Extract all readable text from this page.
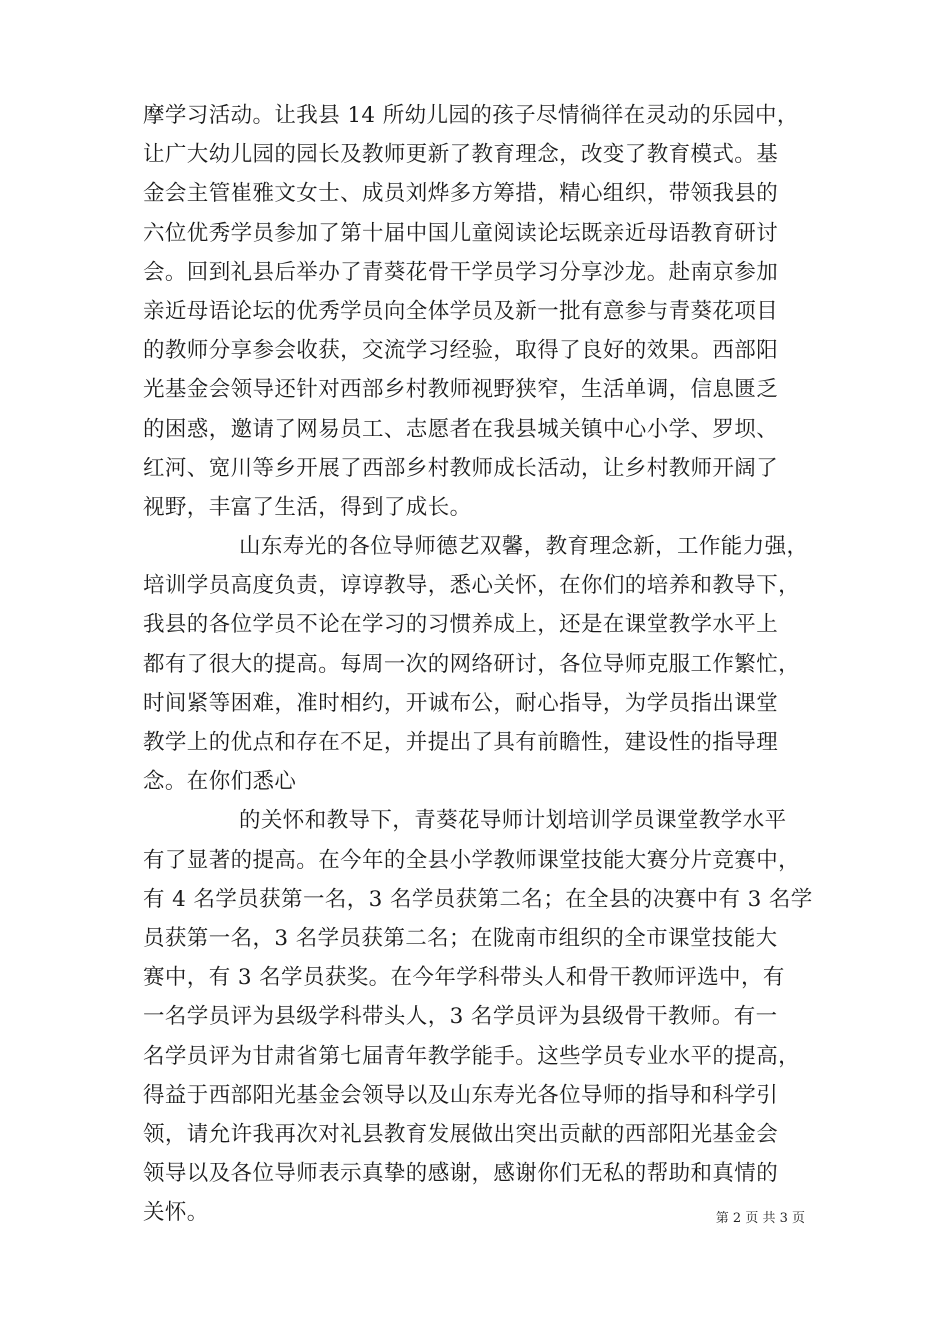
摩学习活动。让我县 14 所幼儿园的孩子尽情徜徉在灵动的乐园中，
让广大幼儿园的园长及教师更新了教育理念，改变了教育模式。基
金会主管崔雅文女士、成员刘烨多方筹措，精心组织，带领我县的
六位优秀学员参加了第十届中国儿童阅读论坛既亲近母语教育研讨
会。回到礼县后举办了青葵花骨干学员学习分享沙龙。赴南京参加
亲近母语论坛的优秀学员向全体学员及新一批有意参与青葵花项目
的教师分享参会收获，交流学习经验，取得了良好的效果。西部阳
光基金会领导还针对西部乡村教师视野狭窄，生活单调，信息匮乏
的困惑，邀请了网易员工、志愿者在我县城关镇中心小学、罗坝、
红河、宽川等乡开展了西部乡村教师成长活动，让乡村教师开阔了
视野，丰富了生活，得到了成长。
山东寿光的各位导师德艺双馨，教育理念新，工作能力强，
培训学员高度负责，谆谆教导，悉心关怀，在你们的培养和教导下，
我县的各位学员不论在学习的习惯养成上，还是在课堂教学水平上
都有了很大的提高。每周一次的网络研讨，各位导师克服工作繁忙，
时间紧等困难，准时相约，开诚布公，耐心指导，为学员指出课堂
教学上的优点和存在不足，并提出了具有前瞻性，建设性的指导理
念。在你们悉心
的关怀和教导下，青葵花导师计划培训学员课堂教学水平
有了显著的提高。在今年的全县小学教师课堂技能大赛分片竞赛中，
有 4 名学员获第一名，3 名学员获第二名；在全县的决赛中有 3 名学
员获第一名，3 名学员获第二名；在陇南市组织的全市课堂技能大
赛中，有 3 名学员获奖。在今年学科带头人和骨干教师评选中，有
一名学员评为县级学科带头人，3 名学员评为县级骨干教师。有一
名学员评为甘肃省第七届青年教学能手。这些学员专业水平的提高，
得益于西部阳光基金会领导以及山东寿光各位导师的指导和科学引
领，请允许我再次对礼县教育发展做出突出贡献的西部阳光基金会
领导以及各位导师表示真挚的感谢，感谢你们无私的帮助和真情的
关怀。	第 2 页 共 3 页
